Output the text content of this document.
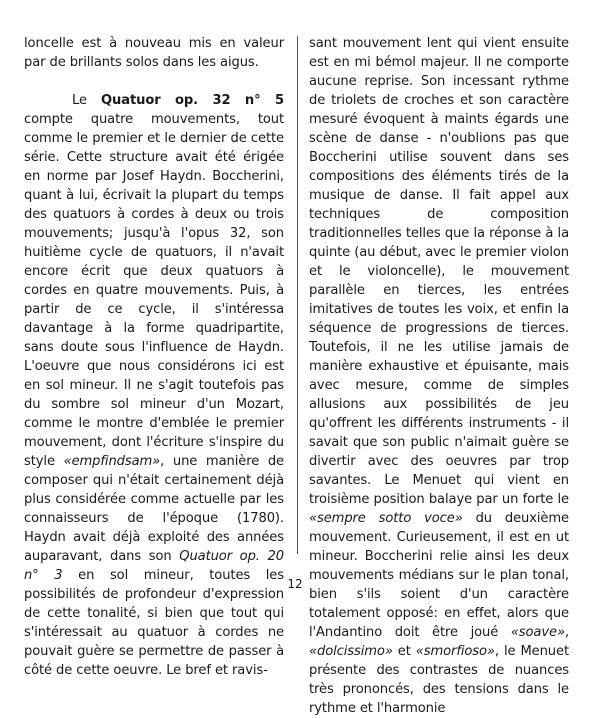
loncelle est à nouveau mis en valeur par de brillants solos dans les aigus.

Le Quatuor op. 32 n° 5 compte quatre mouvements, tout comme le premier et le dernier de cette série. Cette structure avait été érigée en norme par Josef Haydn. Boccherini, quant à lui, écrivait la plupart du temps des quatuors à cordes à deux ou trois mouvements; jusqu'à l'opus 32, son huitième cycle de quatuors, il n'avait encore écrit que deux quatuors à cordes en quatre mouvements. Puis, à partir de ce cycle, il s'intéressa davantage à la forme quadripartite, sans doute sous l'influence de Haydn. L'oeuvre que nous considérons ici est en sol mineur. Il ne s'agit toutefois pas du sombre sol mineur d'un Mozart, comme le montre d'emblée le premier mouvement, dont l'écriture s'inspire du style «empfindsam», une manière de composer qui n'était certainement déjà plus considérée comme actuelle par les connaisseurs de l'époque (1780). Haydn avait déjà exploité des années auparavant, dans son Quatuor op. 20 n° 3 en sol mineur, toutes les possibilités de profondeur d'expression de cette tonalité, si bien que tout qui s'intéressait au quatuor à cordes ne pouvait guère se permettre de passer à côté de cette oeuvre. Le bref et ravis-

sant mouvement lent qui vient ensuite est en mi bémol majeur. Il ne comporte aucune reprise. Son incessant rythme de triolets de croches et son caractère mesuré évoquent à maints égards une scène de danse - n'oublions pas que Boccherini utilise souvent dans ses compositions des éléments tirés de la musique de danse. Il fait appel aux techniques de composition traditionnelles telles que la réponse à la quinte (au début, avec le premier violon et le violoncelle), le mouvement parallèle en tierces, les entrées imitatives de toutes les voix, et enfin la séquence de progressions de tierces. Toutefois, il ne les utilise jamais de manière exhaustive et épuisante, mais avec mesure, comme de simples allusions aux possibilités de jeu qu'offrent les différents instruments - il savait que son public n'aimait guère se divertir avec des oeuvres par trop savantes. Le Menuet qui vient en troisième position balaye par un forte le «sempre sotto voce» du deuxième mouvement. Curieusement, il est en ut mineur. Boccherini relie ainsi les deux mouvements médians sur le plan tonal, bien s'ils soient d'un caractère totalement opposé: en effet, alors que l'Andantino doit être joué «soave», «dolcissimo» et «smorfioso», le Menuet présente des contrastes de nuances très prononcés, des tensions dans le rythme et l'harmonie

12
